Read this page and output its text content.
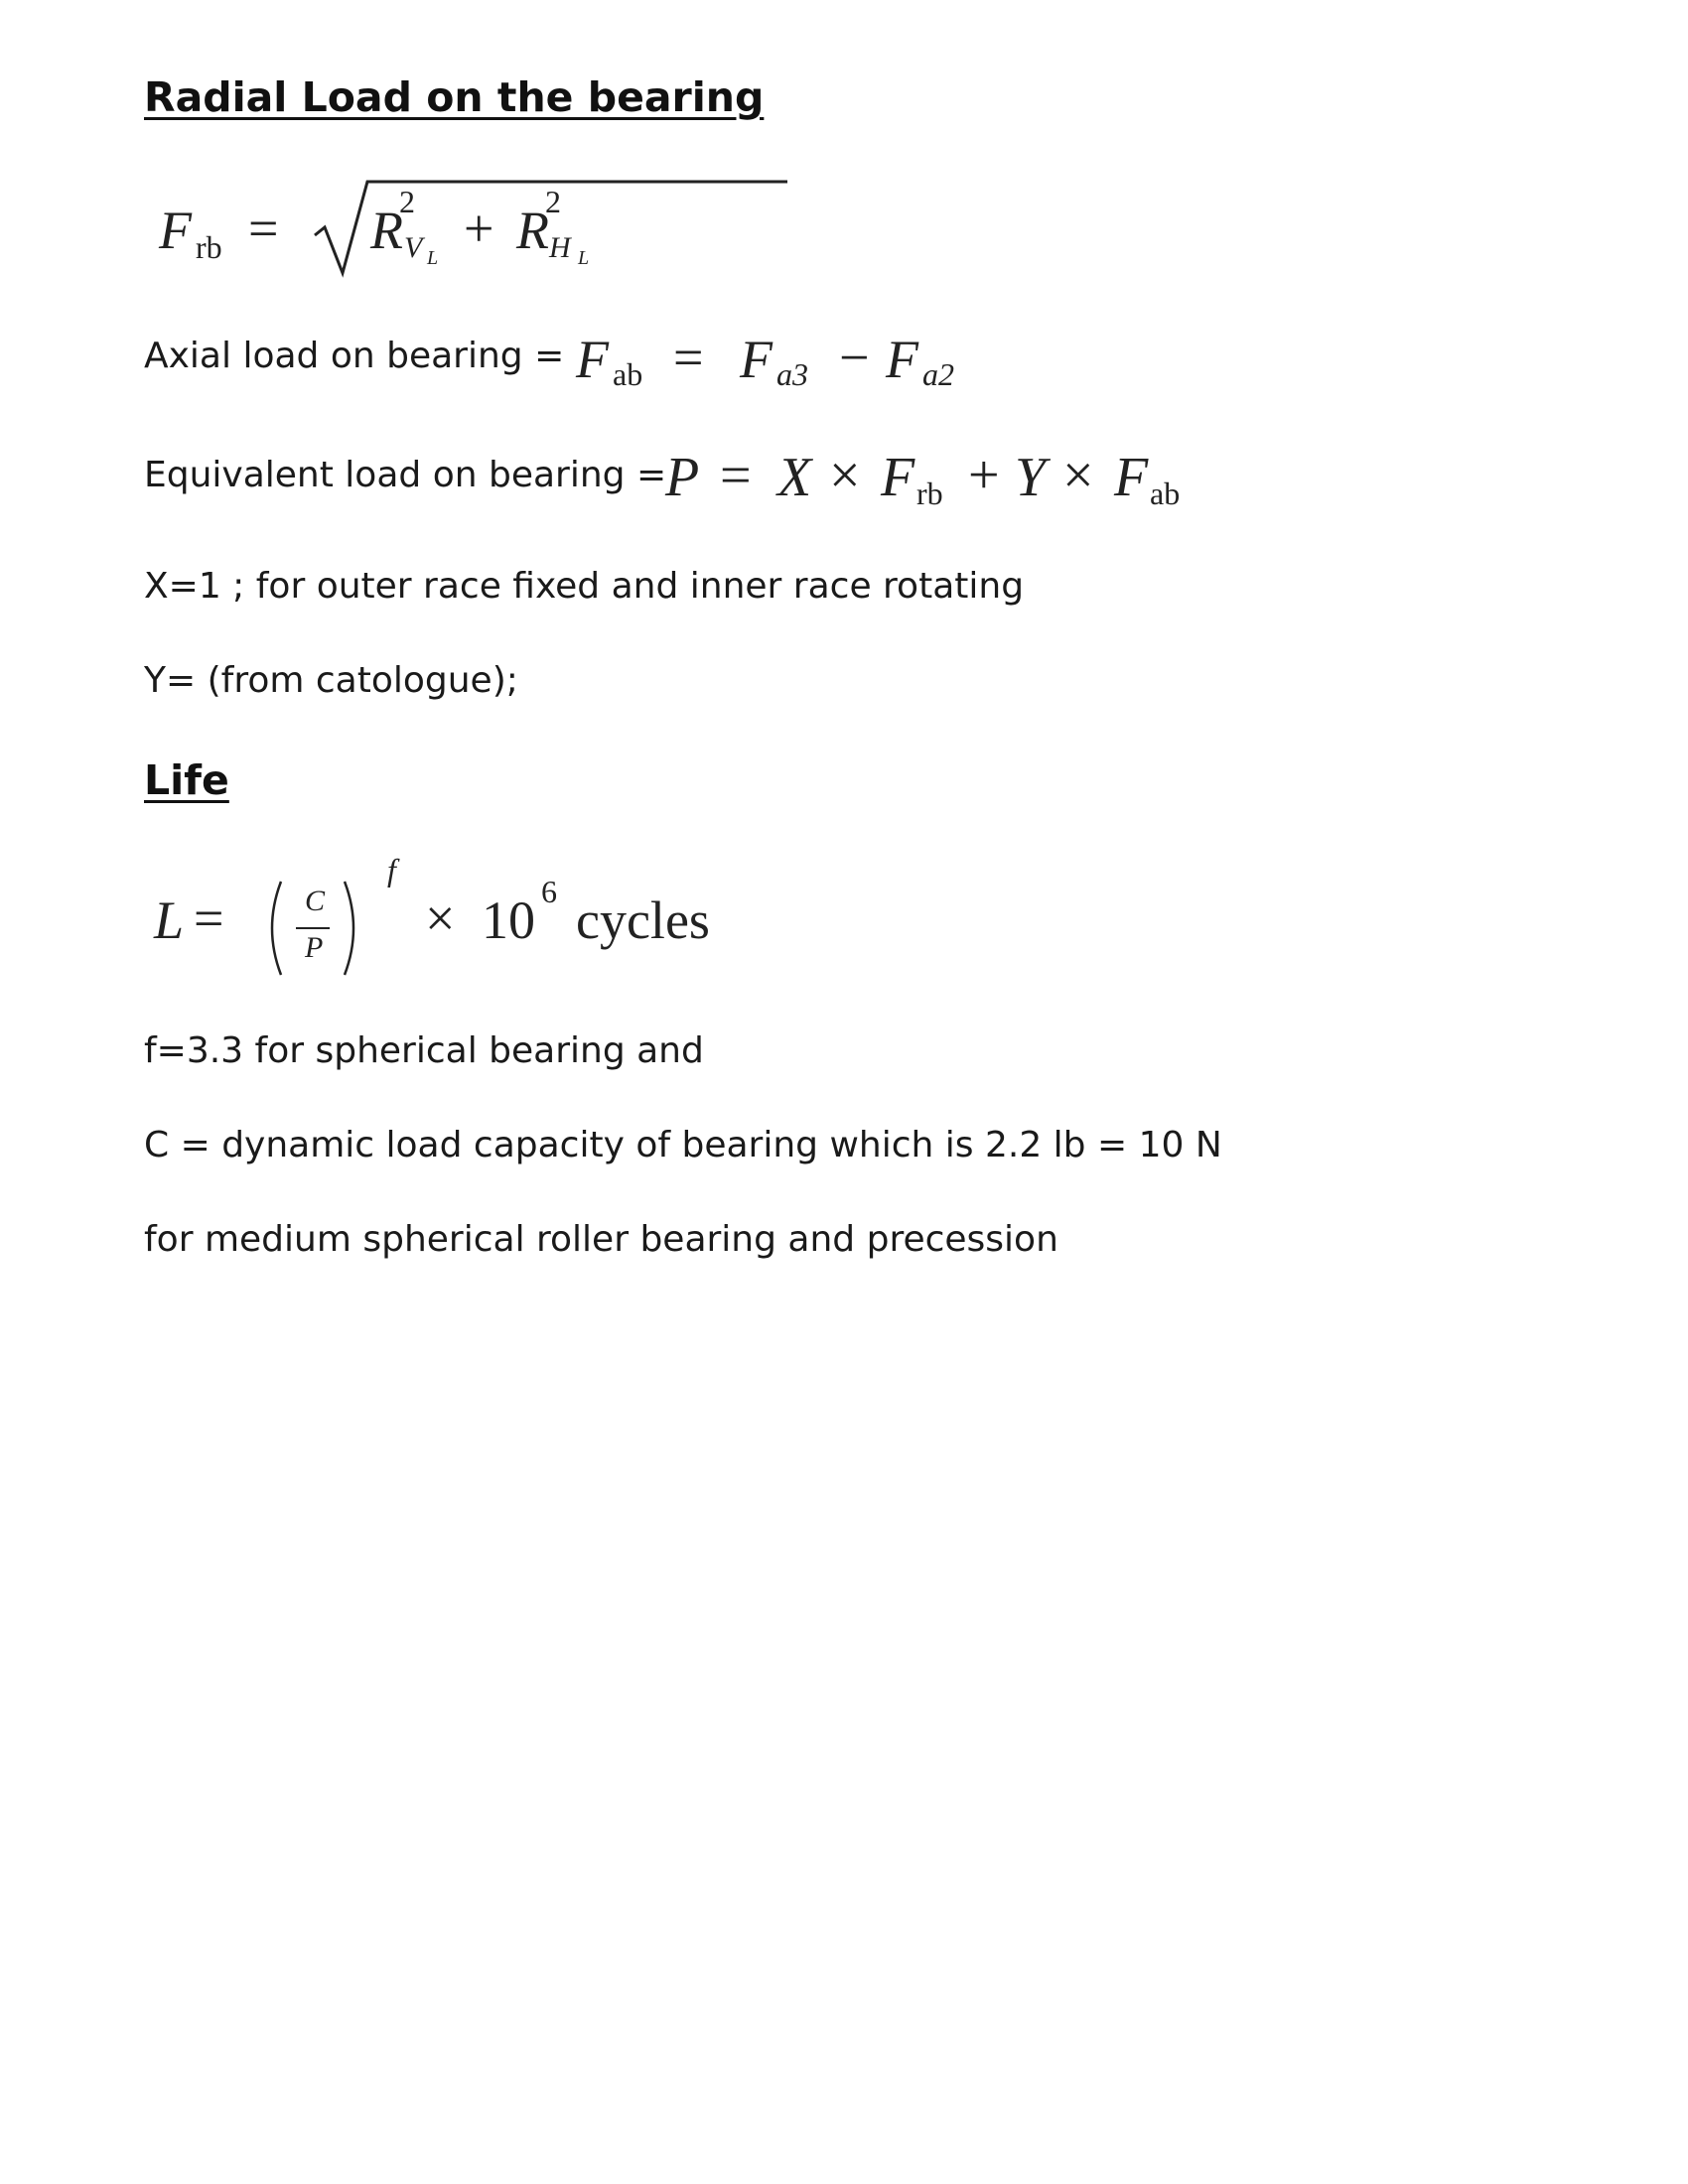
Radial Load on the bearing
F rb = R
2
V L + R
2
H L
Axial load on bearing = F ab = F a3 − F a2
Equivalent load on bearing =
P = X × F rb + Y × F ab
X=1 ; for outer race fixed and inner race rotating
Y= (from catologue);
Life
L =	C
P
f
× 10 6 cycles
f=3.3 for spherical bearing and
C = dynamic load capacity of bearing which is 2.2 lb = 10 N
for medium spherical roller bearing and precession
